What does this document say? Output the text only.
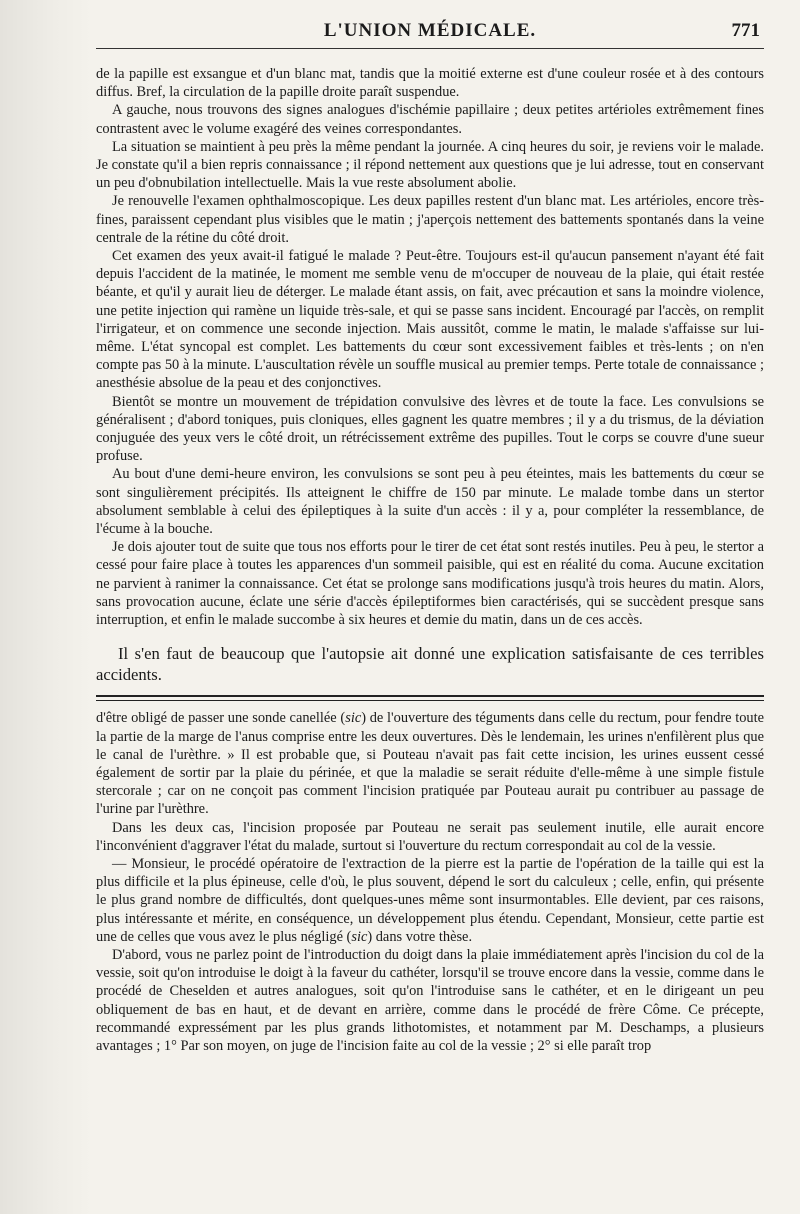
L'UNION MÉDICALE.	771

de la papille est exsangue et d'un blanc mat, tandis que la moitié externe est d'une couleur rosée et à des contours diffus. Bref, la circulation de la papille droite paraît suspendue.

A gauche, nous trouvons des signes analogues d'ischémie papillaire ; deux petites artérioles extrêmement fines contrastent avec le volume exagéré des veines correspondantes.

La situation se maintient à peu près la même pendant la journée. A cinq heures du soir, je reviens voir le malade. Je constate qu'il a bien repris connaissance ; il répond nettement aux questions que je lui adresse, tout en conservant un peu d'obnubilation intellectuelle. Mais la vue reste absolument abolie.

Je renouvelle l'examen ophthalmoscopique. Les deux papilles restent d'un blanc mat. Les artérioles, encore très-fines, paraissent cependant plus visibles que le matin ; j'aperçois nettement des battements spontanés dans la veine centrale de la rétine du côté droit.

Cet examen des yeux avait-il fatigué le malade ? Peut-être. Toujours est-il qu'aucun pansement n'ayant été fait depuis l'accident de la matinée, le moment me semble venu de m'occuper de nouveau de la plaie, qui était restée béante, et qu'il y aurait lieu de déterger. Le malade étant assis, on fait, avec précaution et sans la moindre violence, une petite injection qui ramène un liquide très-sale, et qui se passe sans incident. Encouragé par l'accès, on remplit l'irrigateur, et on commence une seconde injection. Mais aussitôt, comme le matin, le malade s'affaisse sur lui-même. L'état syncopal est complet. Les battements du cœur sont excessivement faibles et très-lents ; on n'en compte pas 50 à la minute. L'auscultation révèle un souffle musical au premier temps. Perte totale de connaissance ; anesthésie absolue de la peau et des conjonctives.

Bientôt se montre un mouvement de trépidation convulsive des lèvres et de toute la face. Les convulsions se généralisent ; d'abord toniques, puis cloniques, elles gagnent les quatre membres ; il y a du trismus, de la déviation conjuguée des yeux vers le côté droit, un rétrécissement extrême des pupilles. Tout le corps se couvre d'une sueur profuse.

Au bout d'une demi-heure environ, les convulsions se sont peu à peu éteintes, mais les battements du cœur se sont singulièrement précipités. Ils atteignent le chiffre de 150 par minute. Le malade tombe dans un stertor absolument semblable à celui des épileptiques à la suite d'un accès : il y a, pour compléter la ressemblance, de l'écume à la bouche.

Je dois ajouter tout de suite que tous nos efforts pour le tirer de cet état sont restés inutiles. Peu à peu, le stertor a cessé pour faire place à toutes les apparences d'un sommeil paisible, qui est en réalité du coma. Aucune excitation ne parvient à ranimer la connaissance. Cet état se prolonge sans modifications jusqu'à trois heures du matin. Alors, sans provocation aucune, éclate une série d'accès épileptiformes bien caractérisés, qui se succèdent presque sans interruption, et enfin le malade succombe à six heures et demie du matin, dans un de ces accès.

Il s'en faut de beaucoup que l'autopsie ait donné une explication satisfaisante de ces terribles accidents.

d'être obligé de passer une sonde canellée (sic) de l'ouverture des téguments dans celle du rectum, pour fendre toute la partie de la marge de l'anus comprise entre les deux ouvertures. Dès le lendemain, les urines n'enfilèrent plus que le canal de l'urèthre. » Il est probable que, si Pouteau n'avait pas fait cette incision, les urines eussent cessé également de sortir par la plaie du périnée, et que la maladie se serait réduite d'elle-même à une simple fistule stercorale ; car on ne conçoit pas comment l'incision pratiquée par Pouteau aurait pu contribuer au passage de l'urine par l'urèthre.

Dans les deux cas, l'incision proposée par Pouteau ne serait pas seulement inutile, elle aurait encore l'inconvénient d'aggraver l'état du malade, surtout si l'ouverture du rectum correspondait au col de la vessie.

— Monsieur, le procédé opératoire de l'extraction de la pierre est la partie de l'opération de la taille qui est la plus difficile et la plus épineuse, celle d'où, le plus souvent, dépend le sort du calculeux ; celle, enfin, qui présente le plus grand nombre de difficultés, dont quelques-unes même sont insurmontables. Elle devient, par ces raisons, plus intéressante et mérite, en conséquence, un développement plus étendu. Cependant, Monsieur, cette partie est une de celles que vous avez le plus négligé (sic) dans votre thèse.

D'abord, vous ne parlez point de l'introduction du doigt dans la plaie immédiatement après l'incision du col de la vessie, soit qu'on introduise le doigt à la faveur du cathéter, lorsqu'il se trouve encore dans la vessie, comme dans le procédé de Cheselden et autres analogues, soit qu'on l'introduise sans le cathéter, et en le dirigeant un peu obliquement de bas en haut, et de devant en arrière, comme dans le procédé de frère Côme. Ce précepte, recommandé expressément par les plus grands lithotomistes, et notamment par M. Deschamps, a plusieurs avantages ; 1° Par son moyen, on juge de l'incision faite au col de la vessie ; 2° si elle paraît trop
